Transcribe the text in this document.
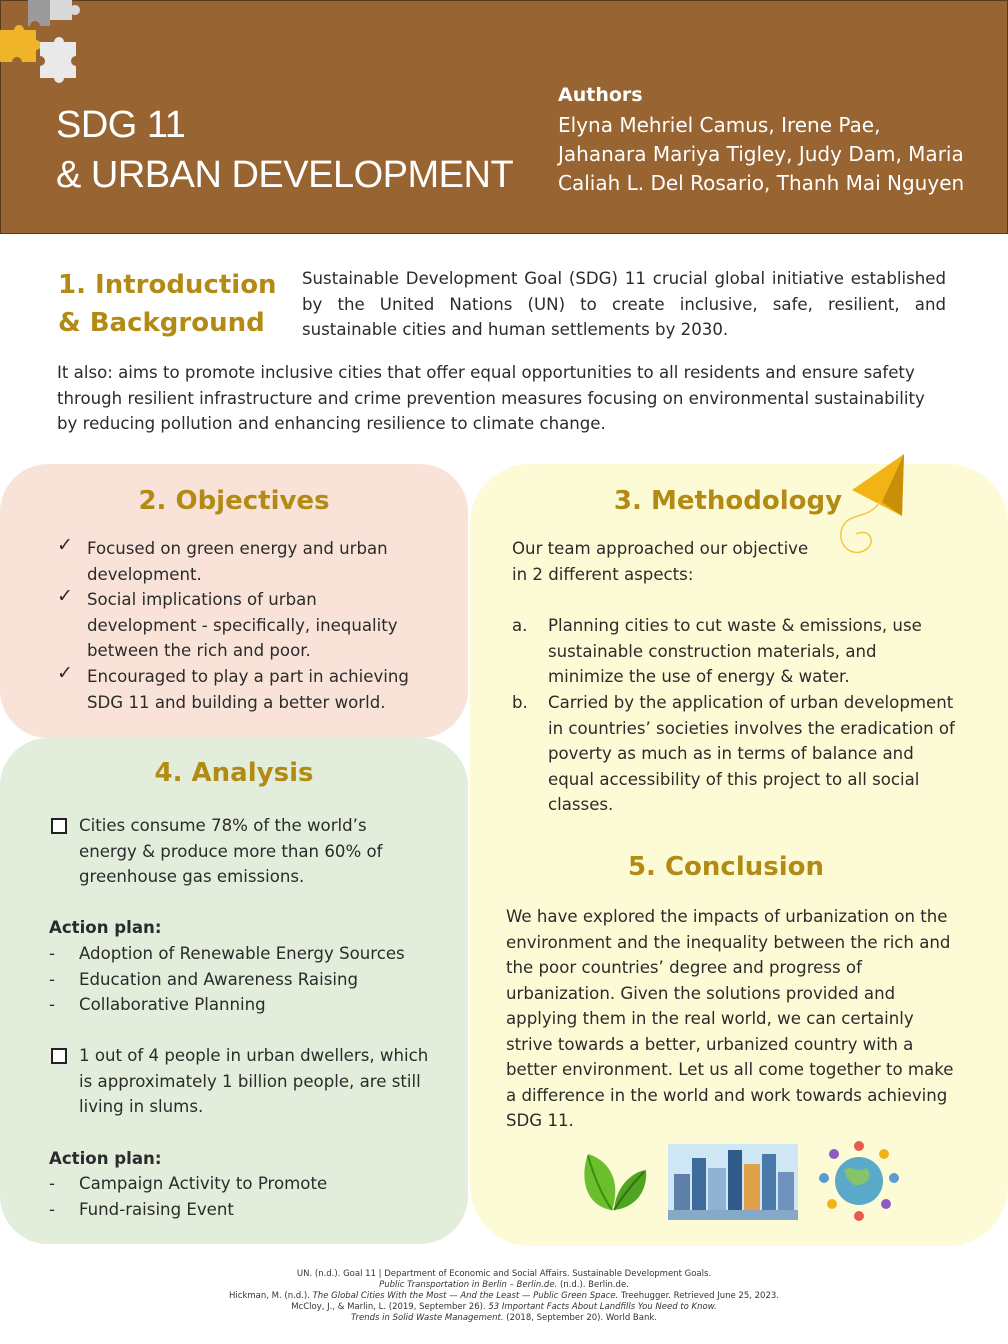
SDG 11
& URBAN DEVELOPMENT
Authors
Elyna Mehriel Camus, Irene Pae,
Jahanara Mariya Tigley, Judy Dam, Maria
Caliah L. Del Rosario, Thanh Mai Nguyen
1. Introduction
& Background
Sustainable Development Goal (SDG) 11 crucial global initiative established by the United Nations (UN) to create inclusive, safe, resilient, and sustainable cities and human settlements by 2030.
It also: aims to promote inclusive cities that offer equal opportunities to all residents and ensure safety through resilient infrastructure and crime prevention measures focusing on environmental sustainability by reducing pollution and enhancing resilience to climate change.
2. Objectives
✓ Focused on green energy and urban development.
✓ Social implications of urban development - specifically, inequality between the rich and poor.
✓ Encouraged to play a part in achieving SDG 11 and building a better world.
3. Methodology
Our team approached our objective
in 2 different aspects:
a. Planning cities to cut waste & emissions, use sustainable construction materials, and minimize the use of energy & water.
b. Carried by the application of urban development in countries’ societies involves the eradication of poverty as much as in terms of balance and equal accessibility of this project to all social classes.
5. Conclusion
We have explored the impacts of urbanization on the environment and the inequality between the rich and the poor countries’ degree and progress of urbanization. Given the solutions provided and applying them in the real world, we can certainly strive towards a better, urbanized country with a better environment. Let us all come together to make a difference in the world and work towards achieving SDG 11.
4. Analysis
Cities consume 78% of the world’s energy & produce more than 60% of greenhouse gas emissions.
Action plan:
- Adoption of Renewable Energy Sources
- Education and Awareness Raising
- Collaborative Planning
1 out of 4 people in urban dwellers, which is approximately 1 billion people, are still living in slums.
Action plan:
- Campaign Activity to Promote
- Fund-raising Event
UN. (n.d.). Goal 11 | Department of Economic and Social Affairs. Sustainable Development Goals.
Public Transportation in Berlin – Berlin.de. (n.d.). Berlin.de.
Hickman, M. (n.d.). The Global Cities With the Most — And the Least — Public Green Space. Treehugger. Retrieved June 25, 2023.
McCloy, J., & Marlin, L. (2019, September 26). 53 Important Facts About Landfills You Need to Know.
Trends in Solid Waste Management. (2018, September 20). World Bank.
